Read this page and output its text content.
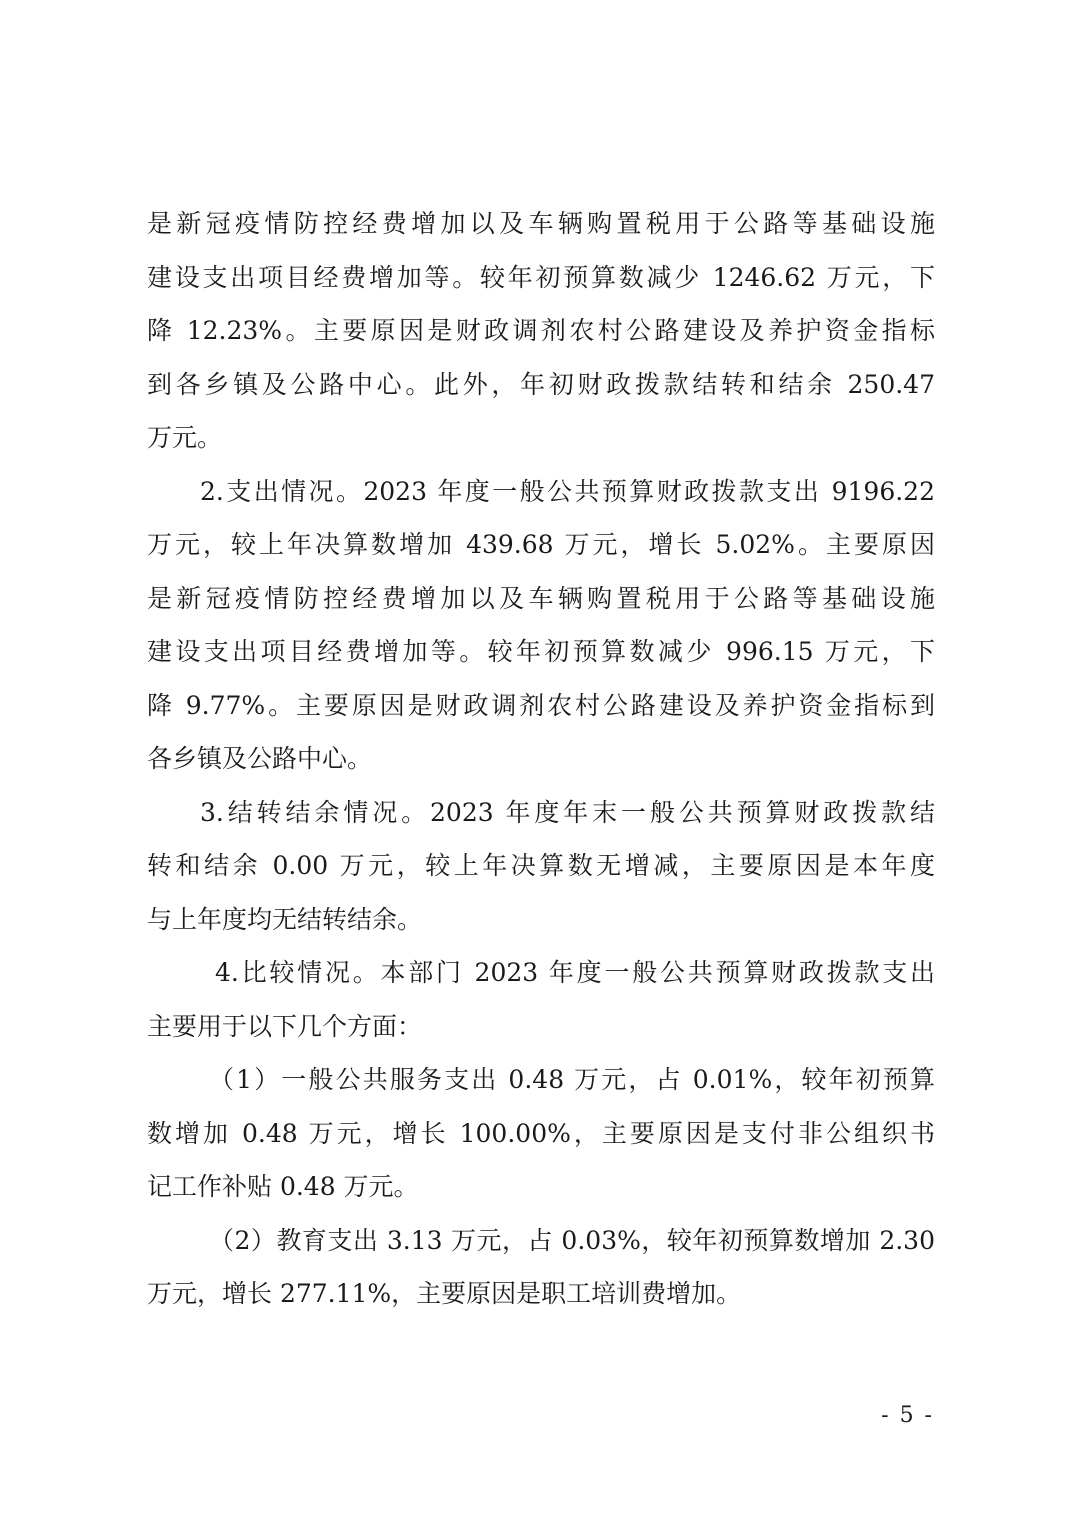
是新冠疫情防控经费增加以及车辆购置税用于公路等基础设施
建设支出项目经费增加等。较年初预算数减少 1246.62 万元，下
降 12.23%。主要原因是财政调剂农村公路建设及养护资金指标
到各乡镇及公路中心。此外，年初财政拨款结转和结余 250.47
万元。
2.支出情况。2023 年度一般公共预算财政拨款支出 9196.22
万元，较上年决算数增加 439.68 万元，增长 5.02%。主要原因
是新冠疫情防控经费增加以及车辆购置税用于公路等基础设施
建设支出项目经费增加等。较年初预算数减少 996.15 万元，下
降 9.77%。主要原因是财政调剂农村公路建设及养护资金指标到
各乡镇及公路中心。
3.结转结余情况。2023 年度年末一般公共预算财政拨款结
转和结余 0.00 万元，较上年决算数无增减，主要原因是本年度
与上年度均无结转结余。
4.比较情况。本部门 2023 年度一般公共预算财政拨款支出
主要用于以下几个方面：
（1）一般公共服务支出 0.48 万元，占 0.01%，较年初预算
数增加 0.48 万元，增长 100.00%，主要原因是支付非公组织书
记工作补贴 0.48 万元。
（2）教育支出 3.13 万元，占 0.03%，较年初预算数增加 2.30
万元，增长 277.11%，主要原因是职工培训费增加。
- 5 -
